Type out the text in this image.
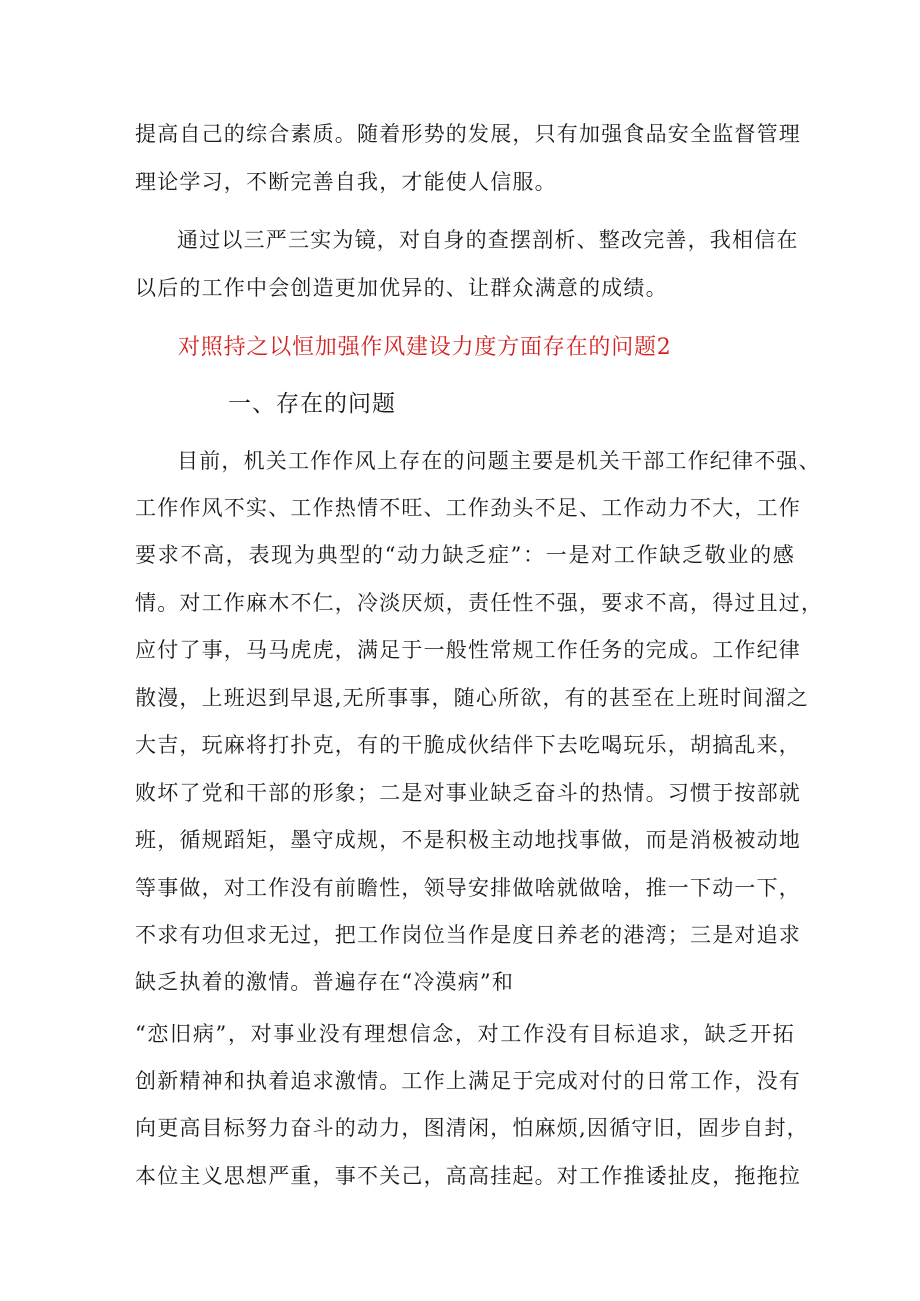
提高自己的综合素质。随着形势的发展，只有加强食品安全监督管理
理论学习，不断完善自我，才能使人信服。
通过以三严三实为镜，对自身的查摆剖析、整改完善，我相信在
以后的工作中会创造更加优异的、让群众满意的成绩。
对照持之以恒加强作风建设力度方面存在的问题2
一、存在的问题
目前，机关工作作风上存在的问题主要是机关干部工作纪律不强、
工作作风不实、工作热情不旺、工作劲头不足、工作动力不大，工作
要求不高，表现为典型的“动力缺乏症”：一是对工作缺乏敬业的感
情。对工作麻木不仁，冷淡厌烦，责任性不强，要求不高，得过且过，
应付了事，马马虎虎，满足于一般性常规工作任务的完成。工作纪律
散漫，上班迟到早退,无所事事，随心所欲，有的甚至在上班时间溜之
大吉，玩麻将打扑克，有的干脆成伙结伴下去吃喝玩乐，胡搞乱来，
败坏了党和干部的形象；二是对事业缺乏奋斗的热情。习惯于按部就
班，循规蹈矩，墨守成规，不是积极主动地找事做，而是消极被动地
等事做，对工作没有前瞻性，领导安排做啥就做啥，推一下动一下，
不求有功但求无过，把工作岗位当作是度日养老的港湾；三是对追求
缺乏执着的激情。普遍存在“冷漠病”和
“恋旧病”，对事业没有理想信念，对工作没有目标追求，缺乏开拓
创新精神和执着追求激情。工作上满足于完成对付的日常工作，没有
向更高目标努力奋斗的动力，图清闲，怕麻烦,因循守旧，固步自封，
本位主义思想严重，事不关己，高高挂起。对工作推诿扯皮，拖拖拉
